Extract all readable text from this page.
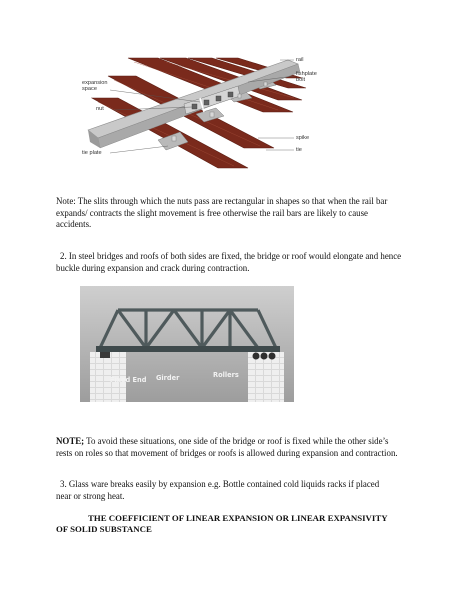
expansion
space
nut
tie plate
rail
fishplate
bolt
spike
tie
Note: The slits through which the nuts pass are rectangular in shapes so that when the rail bar
expands/ contracts the slight movement is free otherwise the rail bars are likely to cause
accidents.
2. In steel bridges and roofs of both sides are fixed, the bridge or roof would elongate and hence
buckle during expansion and crack during contraction.
Fixed End Girder	Rollers
NOTE; To avoid these situations, one side of the bridge or roof is fixed while the other side’s
rests on roles so that movement of bridges or roofs is allowed during expansion and contraction.
3. Glass ware breaks easily by expansion e.g. Bottle contained cold liquids racks if placed
near or strong heat.
THE COEFFICIENT OF LINEAR EXPANSION OR LINEAR EXPANSIVITY
OF SOLID SUBSTANCE
